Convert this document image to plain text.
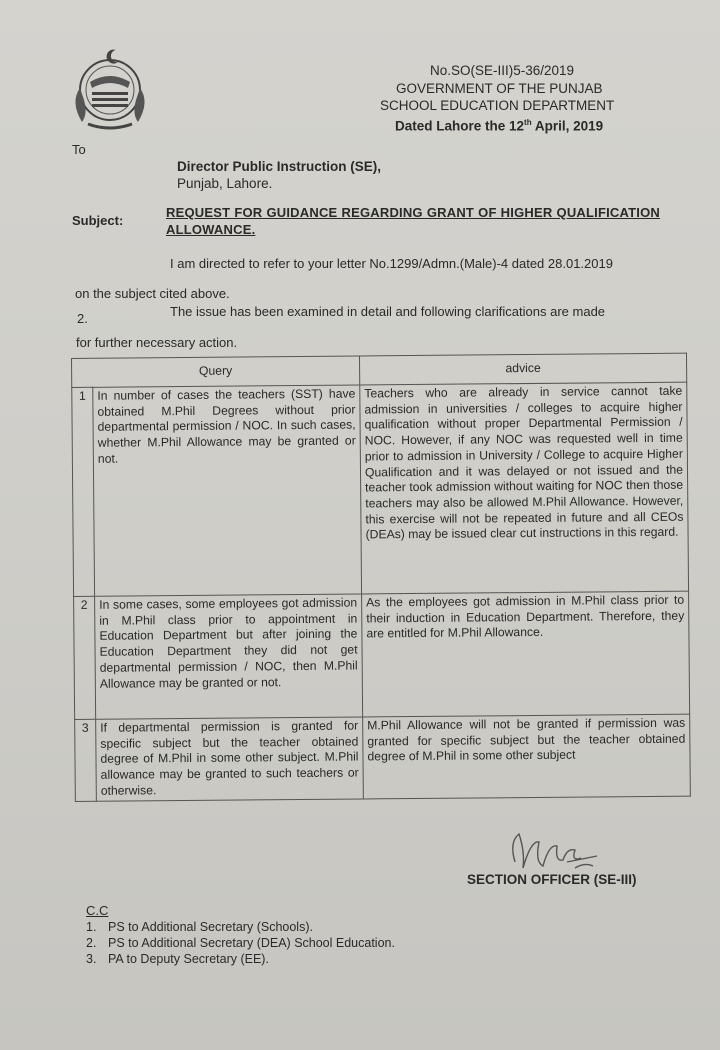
No.SO(SE-III)5-36/2019
GOVERNMENT OF THE PUNJAB
SCHOOL EDUCATION DEPARTMENT
Dated Lahore the 12th April, 2019
To
Director Public Instruction (SE),
Punjab, Lahore.
Subject:
REQUEST FOR GUIDANCE REGARDING GRANT OF HIGHER QUALIFICATION ALLOWANCE.
I am directed to refer to your letter No.1299/Admn.(Male)-4 dated 28.01.2019
on the subject cited above.
2.	The issue has been examined in detail and following clarifications are made
for further necessary action.
Query		advice
1	In number of cases the teachers (SST) have obtained M.Phil Degrees without prior departmental permission / NOC. In such cases, whether M.Phil Allowance may be granted or not.	Teachers who are already in service cannot take admission in universities / colleges to acquire higher qualification without proper Departmental Permission / NOC. However, if any NOC was requested well in time prior to admission in University / College to acquire Higher Qualification and it was delayed or not issued and the teacher took admission without waiting for NOC then those teachers may also be allowed M.Phil Allowance. However, this exercise will not be repeated in future and all CEOs (DEAs) may be issued clear cut instructions in this regard.
2	In some cases, some employees got admission in M.Phil class prior to appointment in Education Department but after joining the Education Department they did not get departmental permission / NOC, then M.Phil Allowance may be granted or not.	As the employees got admission in M.Phil class prior to their induction in Education Department. Therefore, they are entitled for M.Phil Allowance.
3	If departmental permission is granted for specific subject but the teacher obtained degree of M.Phil in some other subject. M.Phil allowance may be granted to such teachers or otherwise.	M.Phil Allowance will not be granted if permission was granted for specific subject but the teacher obtained degree of M.Phil in some other subject
SECTION OFFICER (SE-III)
C.C
1. PS to Additional Secretary (Schools).
2. PS to Additional Secretary (DEA) School Education.
3. PA to Deputy Secretary (EE).
